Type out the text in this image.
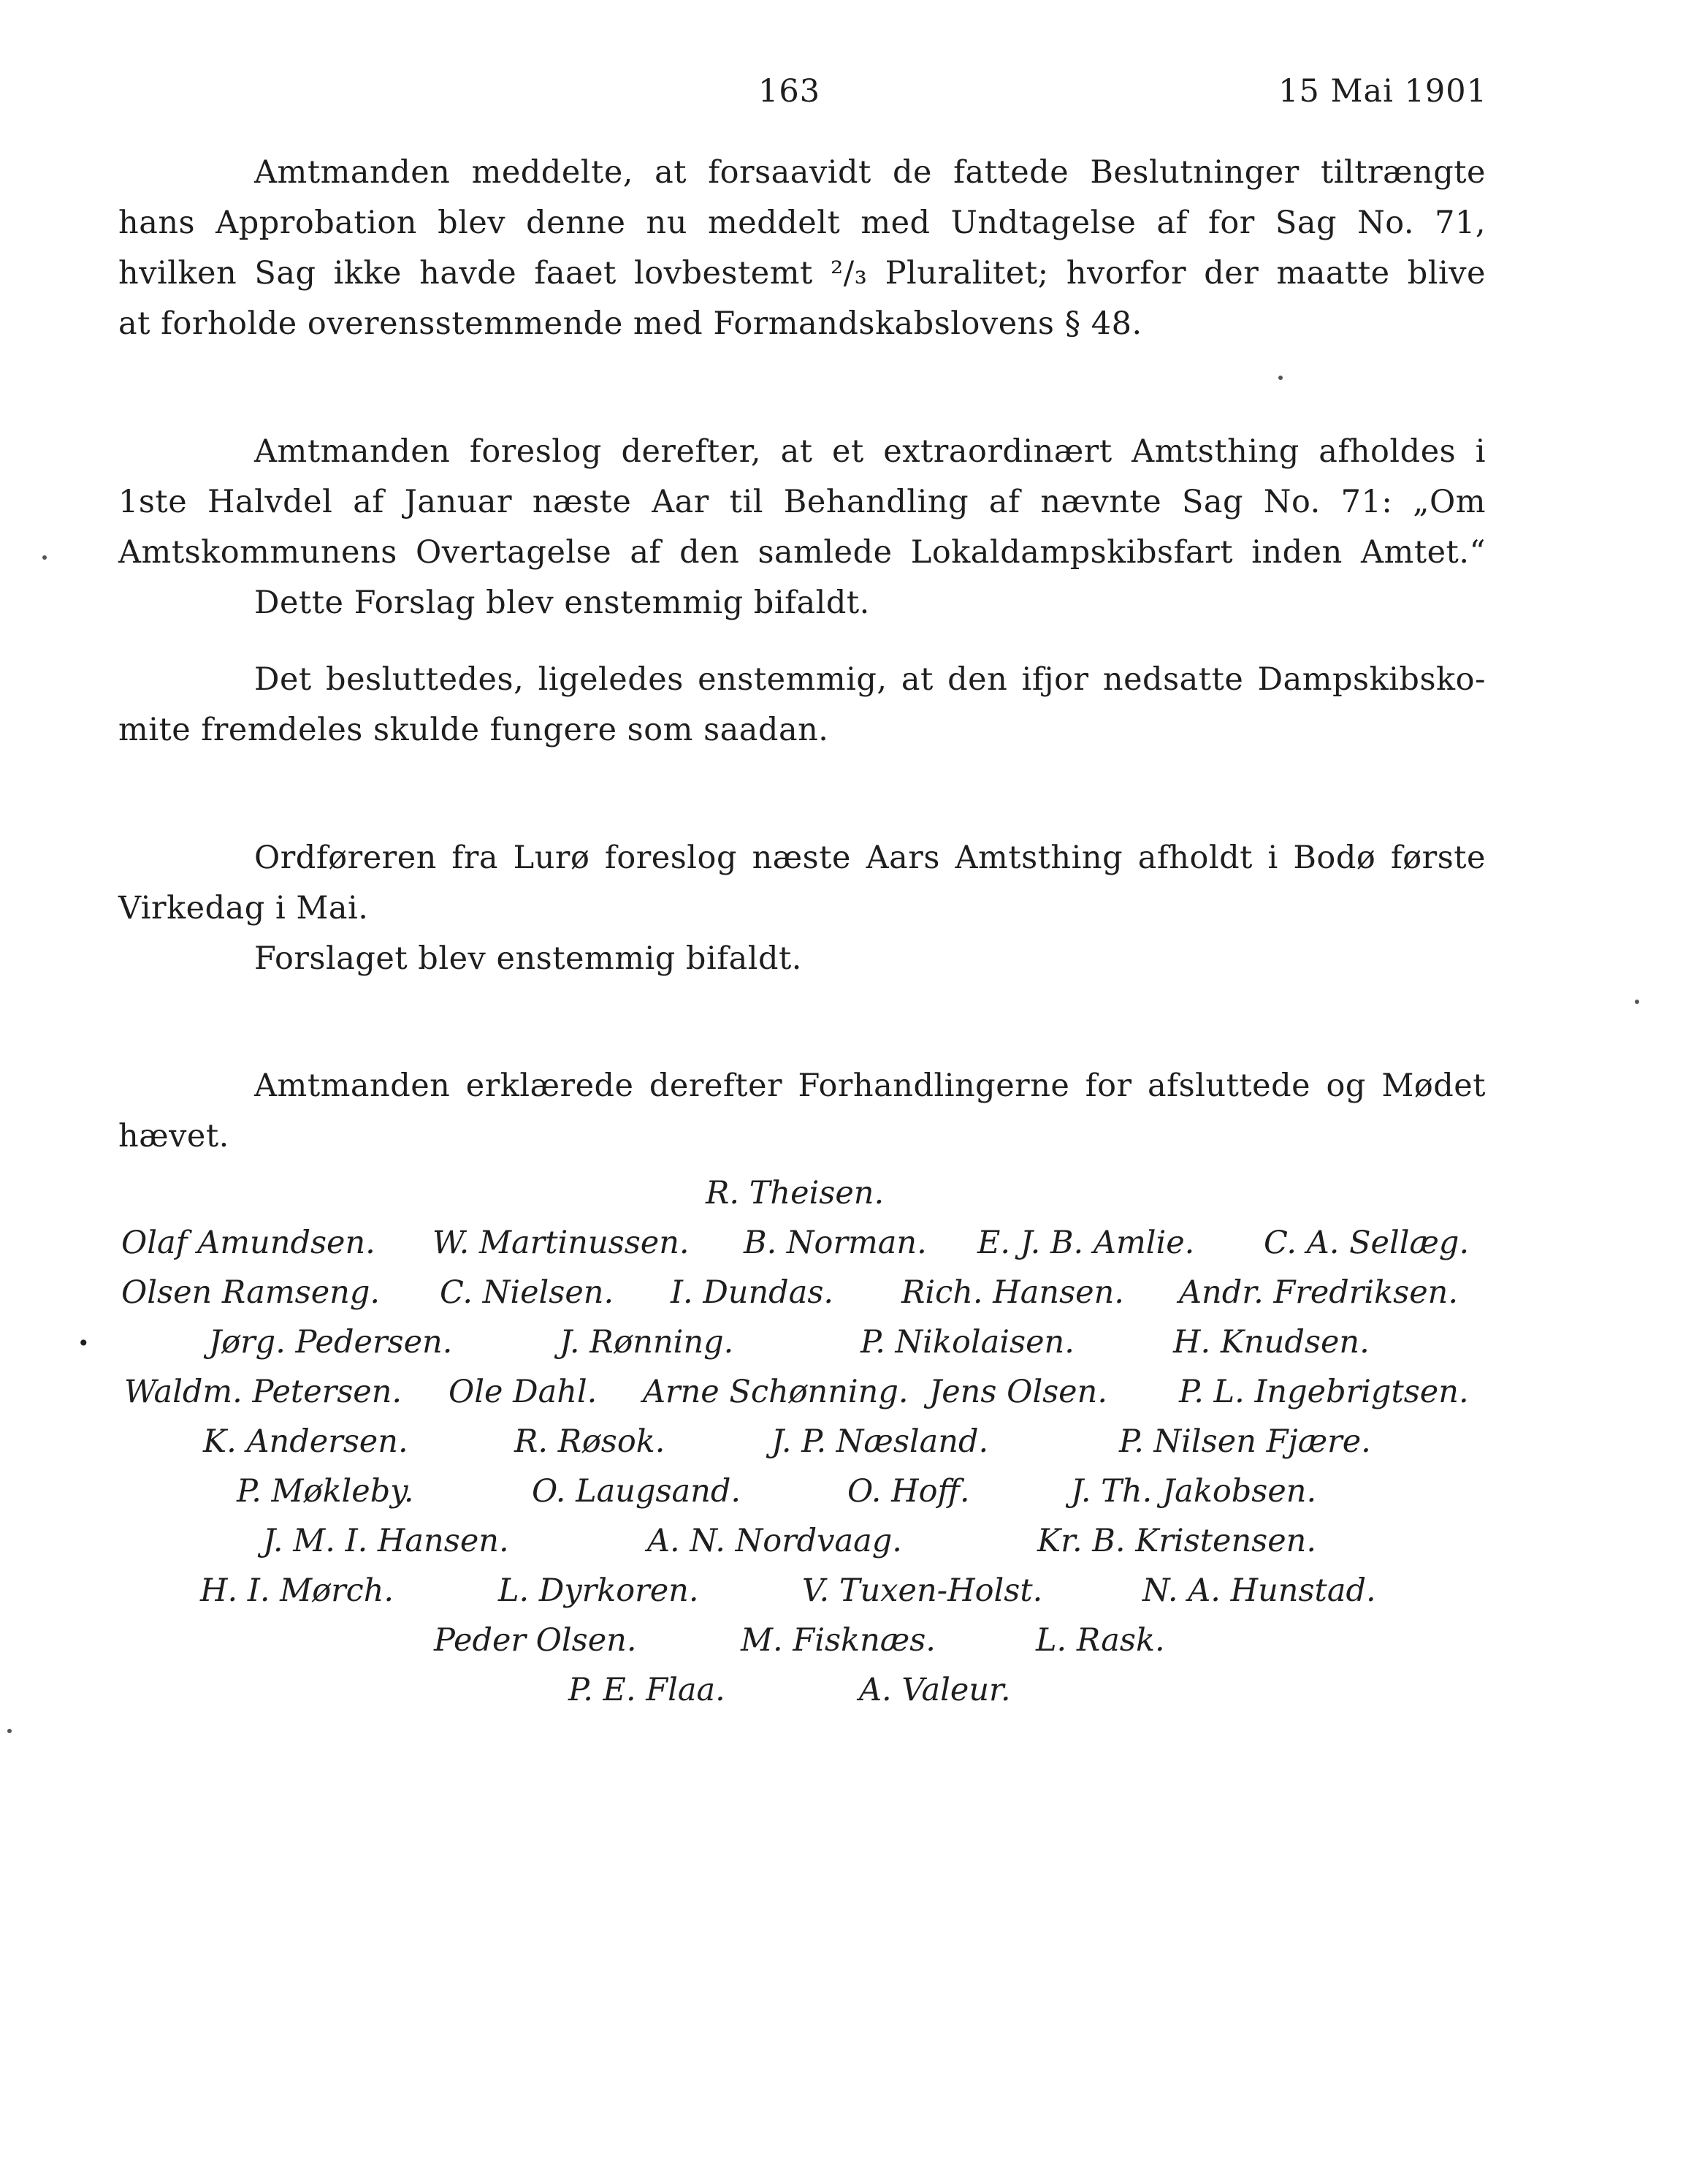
163	15 Mai 1901
Amtmanden meddelte, at forsaavidt de fattede Beslutninger tiltrængte
hans Approbation blev denne nu meddelt med Undtagelse af for Sag No. 71,
hvilken Sag ikke havde faaet lovbestemt ²/₃ Pluralitet; hvorfor der maatte blive
at forholde overensstemmende med Formandskabslovens § 48.
Amtmanden foreslog derefter, at et extraordinært Amtsthing afholdes i
1ste Halvdel af Januar næste Aar til Behandling af nævnte Sag No. 71: „Om
Amtskommunens Overtagelse af den samlede Lokaldampskibsfart inden Amtet.“
Dette Forslag blev enstemmig bifaldt.
Det besluttedes, ligeledes enstemmig, at den ifjor nedsatte Dampskibsko-
mite fremdeles skulde fungere som saadan.
Ordføreren fra Lurø foreslog næste Aars Amtsthing afholdt i Bodø første
Virkedag i Mai.
Forslaget blev enstemmig bifaldt.
Amtmanden erklærede derefter Forhandlingerne for afsluttede og Mødet
hævet.
R. Theisen.
Olaf Amundsen. W. Martinussen. B. Norman. E. J. B. Amlie. C. A. Sellæg.
Olsen Ramseng. C. Nielsen. I. Dundas. Rich. Hansen. Andr. Fredriksen.
•	Jørg. Pedersen.	J. Rønning.	P. Nikolaisen.	H. Knudsen.
Waldm. Petersen. Ole Dahl. Arne Schønning. Jens Olsen. P. L. Ingebrigtsen.
K. Andersen.	R. Røsok.	J. P. Næsland.	P. Nilsen Fjære.
P. Møkleby.	O. Laugsand.	O. Hoff.	J. Th. Jakobsen.
J. M. I. Hansen.	A. N. Nordvaag.	Kr. B. Kristensen.
H. I. Mørch.	L. Dyrkoren.	V. Tuxen-Holst.	N. A. Hunstad.
Peder Olsen.	M. Fisknæs.	L. Rask.
P. E. Flaa.	A. Valeur.
